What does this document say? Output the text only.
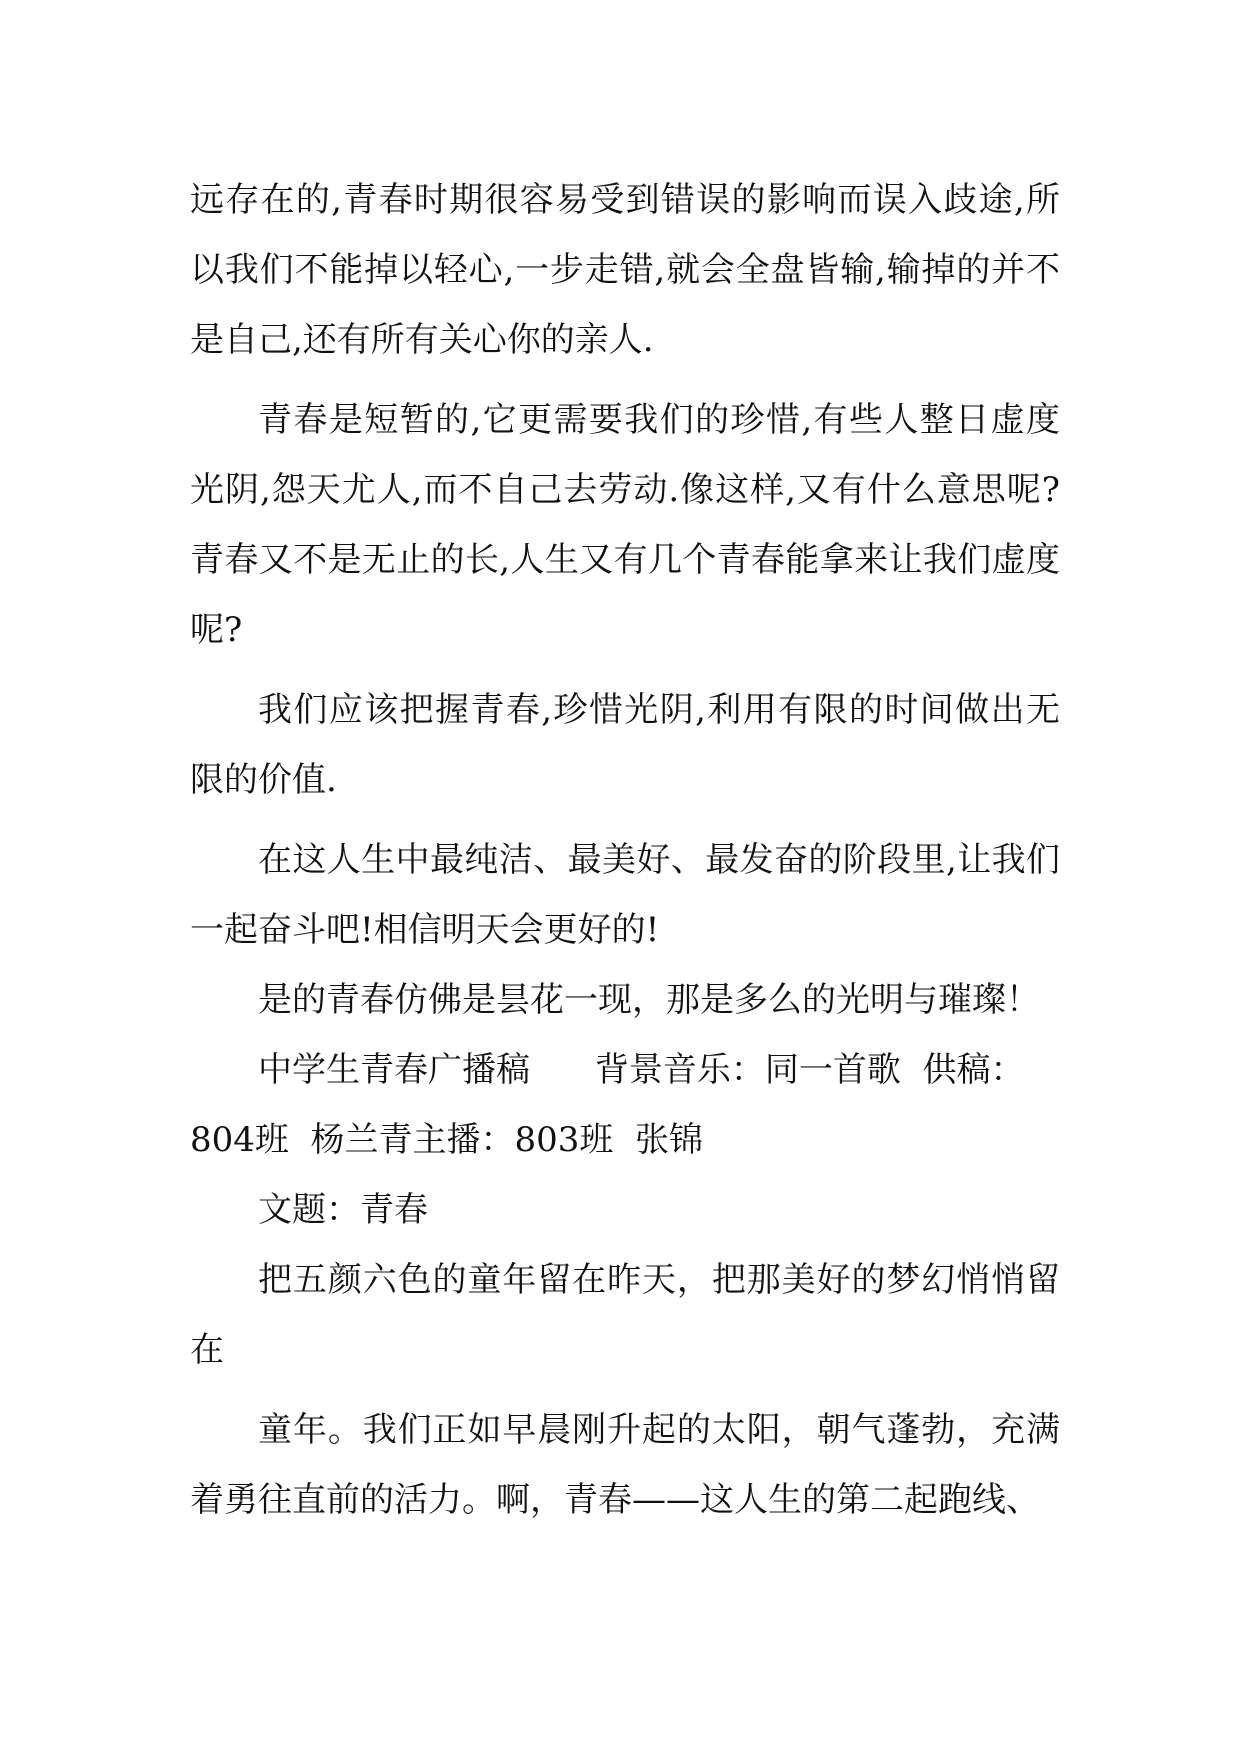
远存在的,青春时期很容易受到错误的影响而误入歧途,所以我们不能掉以轻心,一步走错,就会全盘皆输,输掉的并不是自己,还有所有关心你的亲人.

青春是短暂的,它更需要我们的珍惜,有些人整日虚度光阴,怨天尤人,而不自己去劳动.像这样,又有什么意思呢?青春又不是无止的长,人生又有几个青春能拿来让我们虚度呢?

我们应该把握青春,珍惜光阴,利用有限的时间做出无限的价值.

在这人生中最纯洁、最美好、最发奋的阶段里,让我们一起奋斗吧!相信明天会更好的!

是的青春仿佛是昙花一现，那是多么的光明与璀璨！

中学生青春广播稿      背景音乐：同一首歌  供稿：804班  杨兰青主播：803班  张锦

文题：青春

把五颜六色的童年留在昨天，把那美好的梦幻悄悄留在

童年。我们正如早晨刚升起的太阳，朝气蓬勃，充满着勇往直前的活力。啊，青春——这人生的第二起跑线、
